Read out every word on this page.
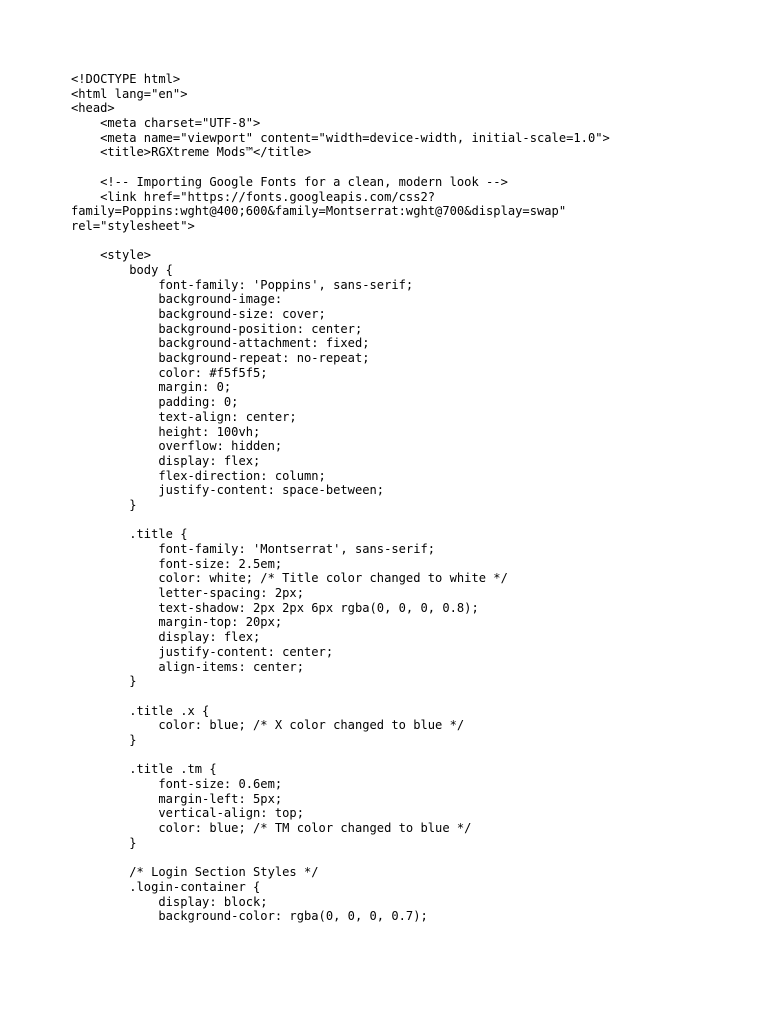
<!DOCTYPE html>
<html lang="en">
<head>
<meta charset="UTF-8">
<meta name="viewport" content="width=device-width, initial-scale=1.0">
<title>RGXtreme Mods™</title>
<!-- Importing Google Fonts for a clean, modern look -->
<link href="https://fonts.googleapis.com/css2?
family=Poppins:wght@400;600&family=Montserrat:wght@700&display=swap"
rel="stylesheet">
<style>
body {
font-family: 'Poppins', sans-serif;
background-image:
background-size: cover;
background-position: center;
background-attachment: fixed;
background-repeat: no-repeat;
color: #f5f5f5;
margin: 0;
padding: 0;
text-align: center;
height: 100vh;
overflow: hidden;
display: flex;
flex-direction: column;
justify-content: space-between;
}
.title {
font-family: 'Montserrat', sans-serif;
font-size: 2.5em;
color: white; /* Title color changed to white */
letter-spacing: 2px;
text-shadow: 2px 2px 6px rgba(0, 0, 0, 0.8);
margin-top: 20px;
display: flex;
justify-content: center;
align-items: center;
}
.title .x {
color: blue; /* X color changed to blue */
}
.title .tm {
font-size: 0.6em;
margin-left: 5px;
vertical-align: top;
color: blue; /* TM color changed to blue */
}
/* Login Section Styles */
.login-container {
display: block;
background-color: rgba(0, 0, 0, 0.7);
